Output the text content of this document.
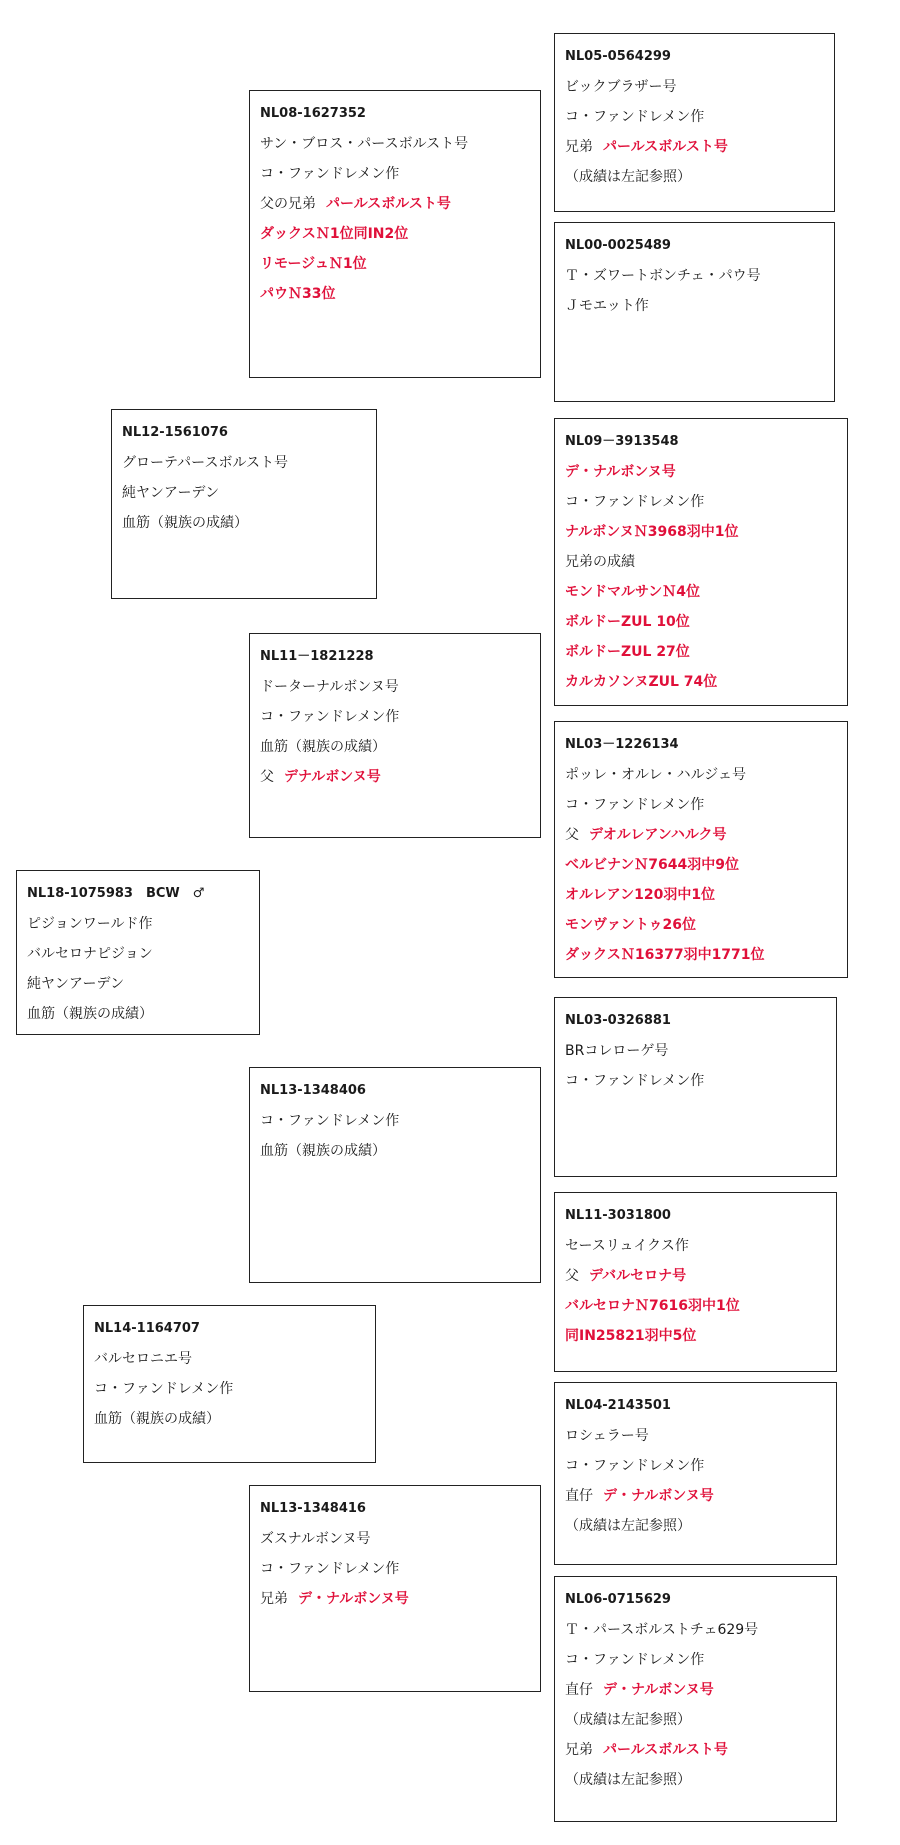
NL05-0564299
ビックブラザー号
コ・ファンドレメン作
兄弟 パールスボルスト号
（成績は左記参照）
NL08-1627352
サン・ブロス・パースボルスト号
コ・ファンドレメン作
父の兄弟 パールスボルスト号
ダックスＮ1位同IN2位
リモージュＮ1位
パウＮ33位
NL00-0025489
Ｔ・ズワートボンチェ・パウ号
Ｊモエット作
NL12-1561076
グローテパースボルスト号
純ヤンアーデン
血筋（親族の成績）
NL09－3913548
デ・ナルボンヌ号
コ・ファンドレメン作
ナルボンヌＮ3968羽中1位
兄弟の成績
モンドマルサンＮ4位
ボルドーZUL 10位
ボルドーZUL 27位
カルカソンヌZUL 74位
NL11－1821228
ドーターナルボンヌ号
コ・ファンドレメン作
血筋（親族の成績）
父 デナルボンヌ号
NL03－1226134
ポッレ・オルレ・ハルジェ号
コ・ファンドレメン作
父 デオルレアンハルク号
ベルビナンＮ7644羽中9位
オルレアン120羽中1位
モンヴァントゥ26位
ダックスＮ16377羽中1771位
NL18-1075983　BCW　♂
ピジョンワールド作
バルセロナピジョン
純ヤンアーデン
血筋（親族の成績）	NL03-0326881
BRコレローゲ号
コ・ファンドレメン作
NL13-1348406
コ・ファンドレメン作
血筋（親族の成績）
NL11-3031800
セースリュイクス作
父 デバルセロナ号
バルセロナＮ7616羽中1位
同IN25821羽中5位
NL14-1164707
バルセロニエ号
コ・ファンドレメン作
血筋（親族の成績）
NL04-2143501
ロシェラー号
コ・ファンドレメン作
直仔 デ・ナルボンヌ号
（成績は左記参照）
NL13-1348416
ズスナルボンヌ号
コ・ファンドレメン作
兄弟 デ・ナルボンヌ号	NL06-0715629
Ｔ・パースボルストチェ629号
コ・ファンドレメン作
直仔 デ・ナルボンヌ号
（成績は左記参照）
兄弟 パールスボルスト号
（成績は左記参照）
